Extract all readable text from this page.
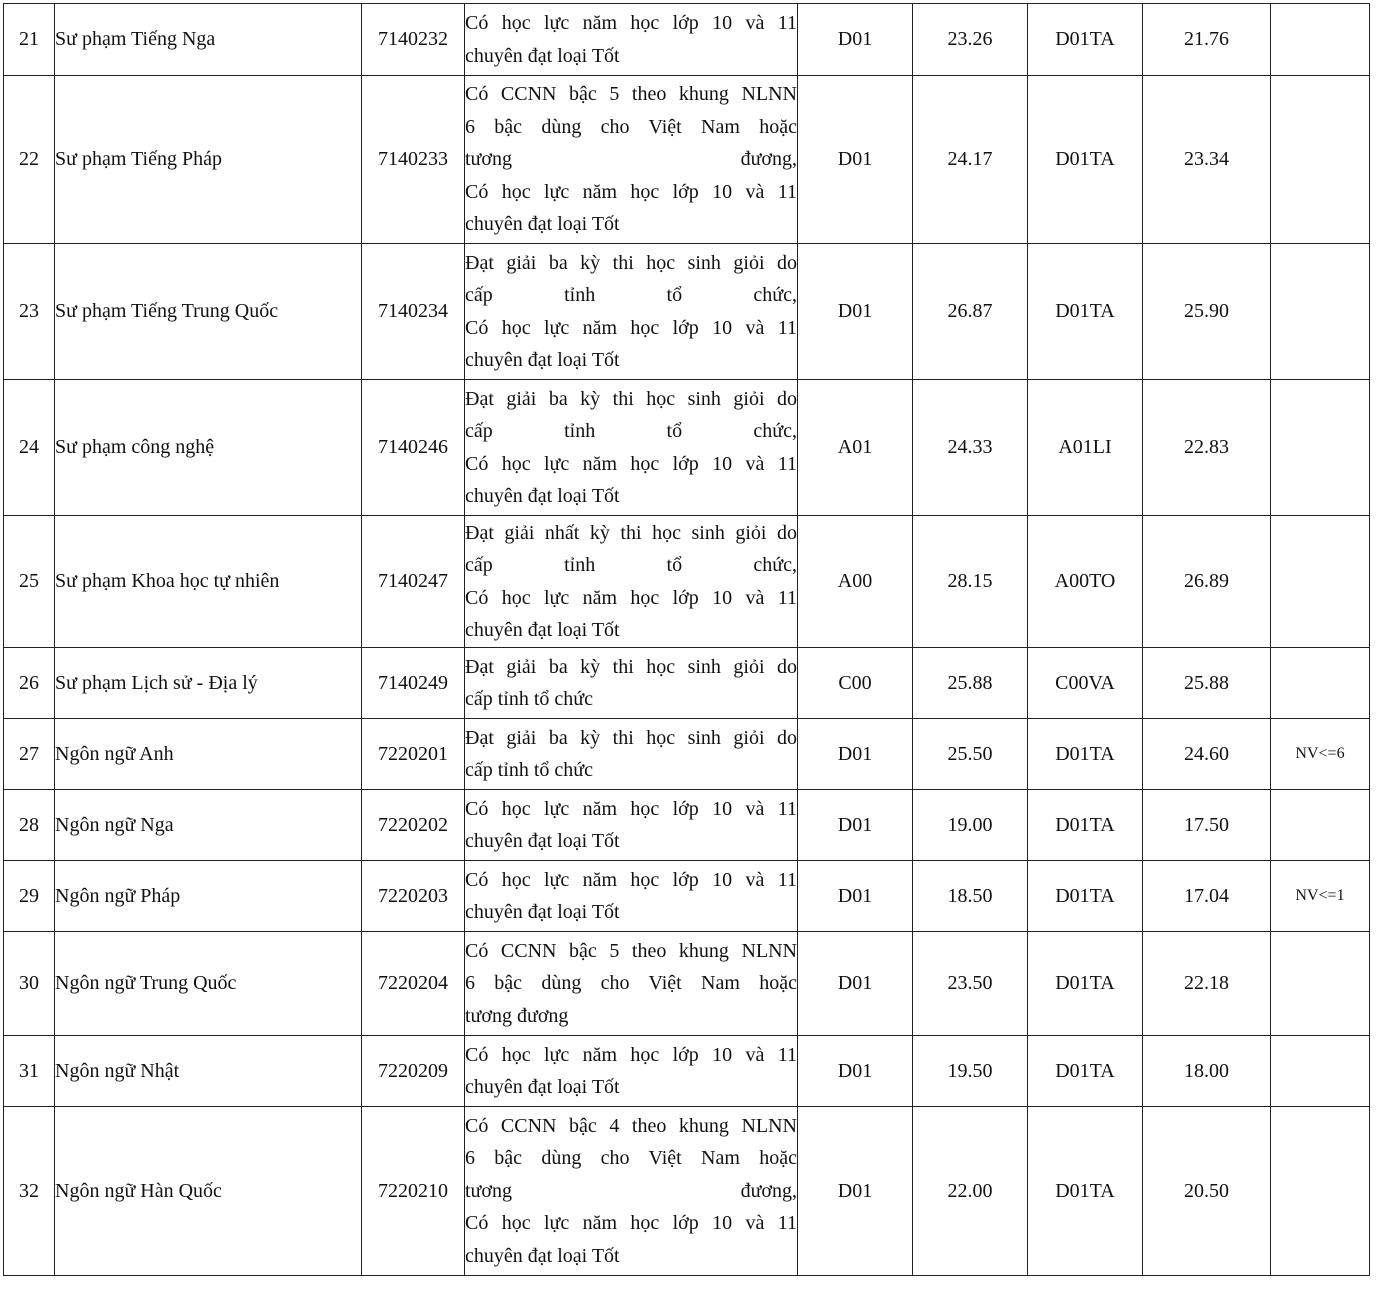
21	Sư phạm Tiếng Nga	7140232	Có học lực năm học lớp 10 và 11
chuyên đạt loại Tốt	D01	23.26	D01TA	21.76	
22	Sư phạm Tiếng Pháp	7140233	Có CCNN bậc 5 theo khung NLNN
6 bậc dùng cho Việt Nam hoặc
tương đương,
Có học lực năm học lớp 10 và 11
chuyên đạt loại Tốt	D01	24.17	D01TA	23.34	
23	Sư phạm Tiếng Trung Quốc	7140234	Đạt giải ba kỳ thi học sinh giỏi do
cấp tỉnh tổ chức,
Có học lực năm học lớp 10 và 11
chuyên đạt loại Tốt	D01	26.87	D01TA	25.90	
24	Sư phạm công nghệ	7140246	Đạt giải ba kỳ thi học sinh giỏi do
cấp tỉnh tổ chức,
Có học lực năm học lớp 10 và 11
chuyên đạt loại Tốt	A01	24.33	A01LI	22.83	
25	Sư phạm Khoa học tự nhiên	7140247	Đạt giải nhất kỳ thi học sinh giỏi do
cấp tỉnh tổ chức,
Có học lực năm học lớp 10 và 11
chuyên đạt loại Tốt	A00	28.15	A00TO	26.89	
26	Sư phạm Lịch sử - Địa lý	7140249	Đạt giải ba kỳ thi học sinh giỏi do
cấp tỉnh tổ chức	C00	25.88	C00VA	25.88	
27	Ngôn ngữ Anh	7220201	Đạt giải ba kỳ thi học sinh giỏi do
cấp tỉnh tổ chức	D01	25.50	D01TA	24.60	NV<=6
28	Ngôn ngữ Nga	7220202	Có học lực năm học lớp 10 và 11
chuyên đạt loại Tốt	D01	19.00	D01TA	17.50	
29	Ngôn ngữ Pháp	7220203	Có học lực năm học lớp 10 và 11
chuyên đạt loại Tốt	D01	18.50	D01TA	17.04	NV<=1
30	Ngôn ngữ Trung Quốc	7220204	Có CCNN bậc 5 theo khung NLNN
6 bậc dùng cho Việt Nam hoặc
tương đương	D01	23.50	D01TA	22.18	
31	Ngôn ngữ Nhật	7220209	Có học lực năm học lớp 10 và 11
chuyên đạt loại Tốt	D01	19.50	D01TA	18.00	
32	Ngôn ngữ Hàn Quốc	7220210	Có CCNN bậc 4 theo khung NLNN
6 bậc dùng cho Việt Nam hoặc
tương đương,
Có học lực năm học lớp 10 và 11
chuyên đạt loại Tốt	D01	22.00	D01TA	20.50	
